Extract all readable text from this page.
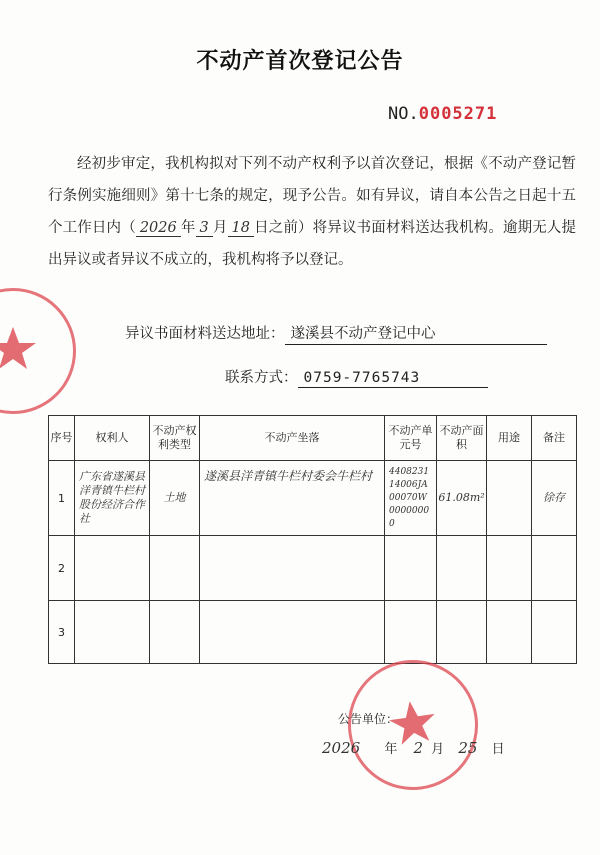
不动产首次登记公告
NO.0005271
经初步审定，我机构拟对下列不动产权利予以首次登记，根据《不动产登记暂行条例实施细则》第十七条的规定，现予公告。如有异议，请自本公告之日起十五个工作日内（ 2026 年 3 月 18 日之前）将异议书面材料送达我机构。逾期无人提出异议或者异议不成立的，我机构将予以登记。
异议书面材料送达地址： 遂溪县不动产登记中心
联系方式： 0759-7765743
序号	权利人	不动产权利类型	不动产坐落	不动产单元号	不动产面积	用途	备注
1	广东省遂溪县洋青镇牛栏村股份经济合作社	土地	遂溪县洋青镇牛栏村委会牛栏村	440823114006JA00070W00000000	61.08m²		徐存
2							
3							
公告单位：
2026 年 2 月 25 日
